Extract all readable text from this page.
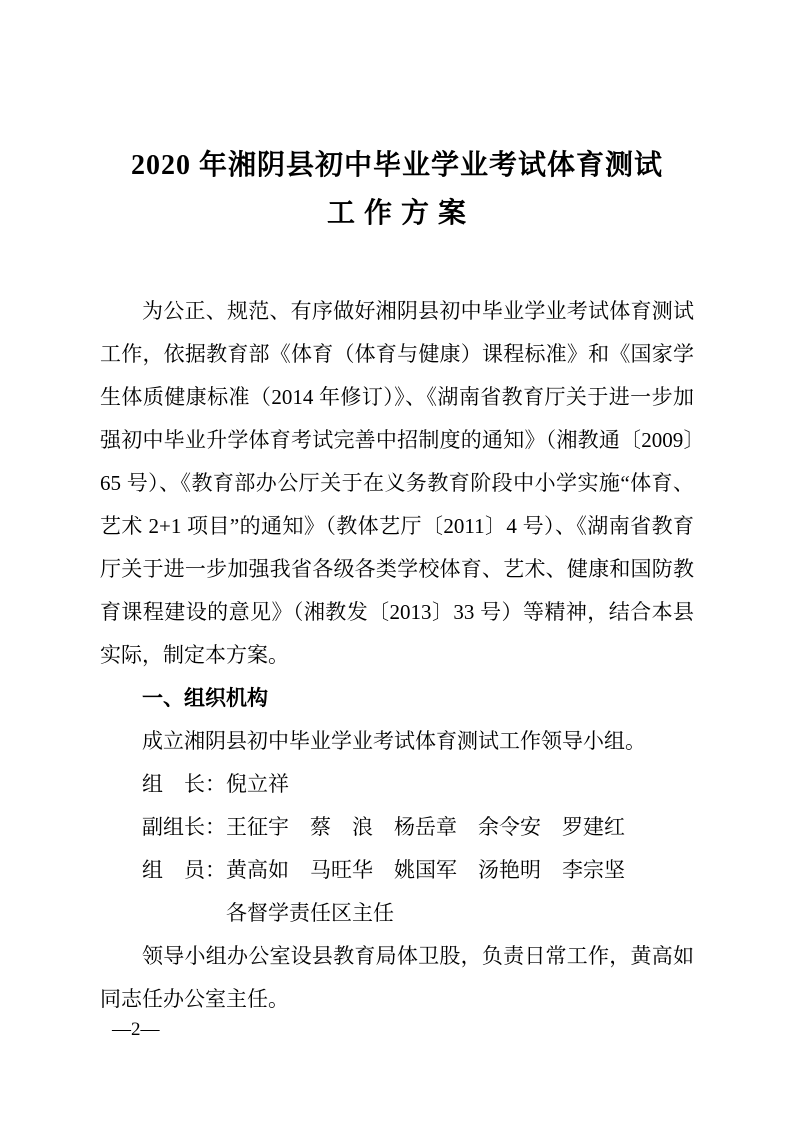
2020 年湘阴县初中毕业学业考试体育测试
工 作 方 案

为公正、规范、有序做好湘阴县初中毕业学业考试体育测试工作，依据教育部《体育（体育与健康）课程标准》和《国家学生体质健康标准（2014 年修订）》、《湖南省教育厅关于进一步加强初中毕业升学体育考试完善中招制度的通知》（湘教通〔2009〕65 号）、《教育部办公厅关于在义务教育阶段中小学实施“体育、艺术 2+1 项目”的通知》（教体艺厅〔2011〕4 号）、《湖南省教育厅关于进一步加强我省各级各类学校体育、艺术、健康和国防教育课程建设的意见》（湘教发〔2013〕33 号）等精神，结合本县实际，制定本方案。

一、组织机构

成立湘阴县初中毕业学业考试体育测试工作领导小组。

组　长：倪立祥

副组长：王征宇　蔡　浪　杨岳章　余令安　罗建红

组　员：黄高如　马旺华　姚国军　汤艳明　李宗坚

各督学责任区主任

领导小组办公室设县教育局体卫股，负责日常工作，黄高如同志任办公室主任。

—2—
